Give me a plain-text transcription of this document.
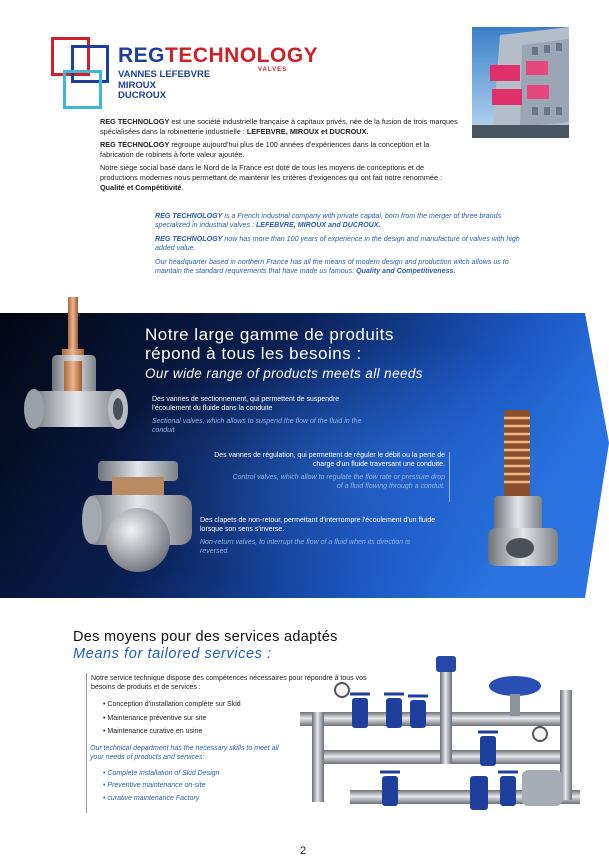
REGTECHNOLOGY
VALVES
VANNES LEFEBVRE
MIROUX
DUCROUX

REG TECHNOLOGY est une société industrielle française à capitaux privés, née de la fusion de trois marques spécialisées dans la robinetterie industrielle : LEFEBVRE, MIROUX et DUCROUX.

REG TECHNOLOGY regroupe aujourd'hui plus de 100 années d'expériences dans la conception et la fabrication de robinets à forte valeur ajoutée.

Notre siège social basé dans le Nord de la France est doté de tous les moyens de conceptions et de productions modernes nous permettant de maintenir les critères d'exigences qui ont fait notre renommée : Qualité et Compétitivité.

REG TECHNOLOGY is a French industrial company with private capital, born from the merger of three brands specialized in industrial valves : LEFEBVRE, MIROUX and DUCROUX.

REG TECHNOLOGY now has more than 100 years of experience in the design and manufacture of valves with high added value.

Our headquarter based in northern France has all the means of modern design and production witch allows us to maintain the standard requirements that have made us famous: Quality and Competitiveness.

Notre large gamme de produits
répond à tous les besoins :
Our wide range of products meets all needs
Des vannes de sectionnement, qui permettent de suspendre l'écoulement du fluide dans la conduite
Sectional valves, which allows to suspend the flow of the fluid in the conduit
Des vannes de régulation, qui permettent de réguler le débit ou la perte de charge d'un fluide traversant une conduite.
Control valves, which allow to regulate the flow rate or pressure drop of a fluid flowing through a conduit.
Des clapets de non-retour, permettant d'interrompre l'écoulement d'un fluide lorsque son sens s'inverse.
Non-return valves, to interrupt the flow of a fluid when its direction is reversed.
Des moyens pour des services adaptés
Means for tailored services :
Notre service technique dispose des compétences nécessaires pour répondre à tous vos besoins de produits et de services :
• Conception d'installation complète sur Skid
• Maintenance préventive sur site
• Maintenance curative en usine
Our technical department has the necessary skills to meet all your needs of products and services:
• Complete installation of Skid Design
• Preventive maintenance on-site
• curative maintenance Factory
2
